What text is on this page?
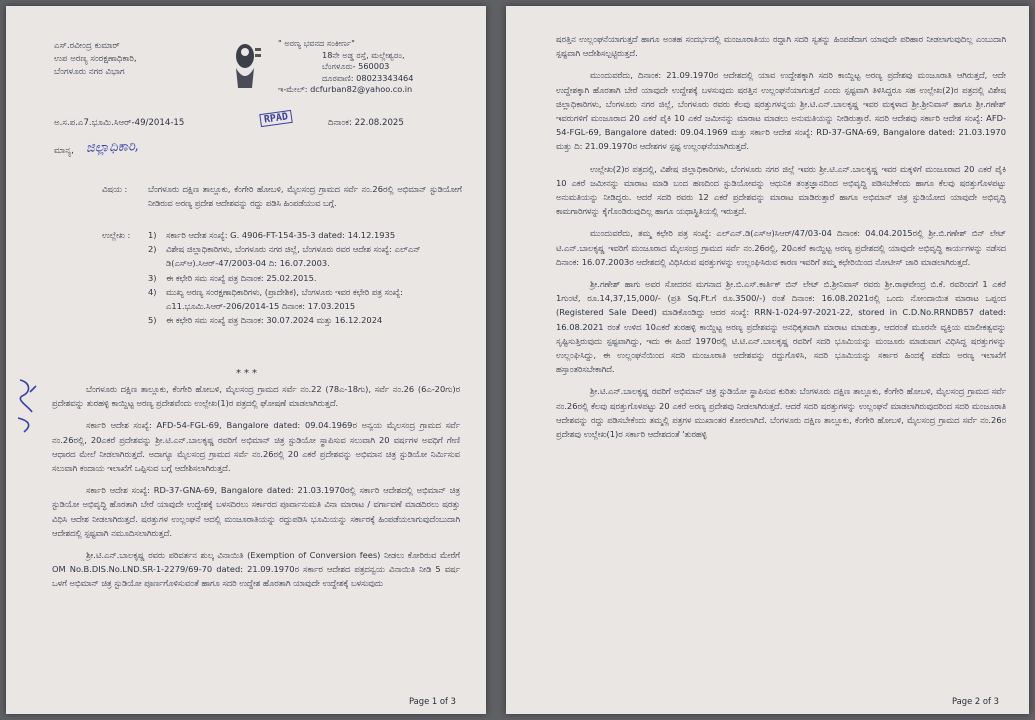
ಎಸ್.ರವೀಂದ್ರ ಕುಮಾರ್
ಉಪ ಅರಣ್ಯ ಸಂರಕ್ಷಣಾಧಿಕಾರಿ,
ಬೆಂಗಳೂರು ನಗರ ವಿಭಾಗ
" ಅರಣ್ಯ ಭವನದ ಸಂಕೀರ್ಣ"
18ನೇ ಅಡ್ಡ ರಸ್ತೆ, ಮಲ್ಲೇಶ್ವರಂ,
ಬೆಂಗಳೂರು- 560003
ದೂರವಾಣಿ: 08023343464
ಇ-ಮೇಲ್: dcfurban82@yahoo.co.in
ಅ.ಸ.ಪ.ಎ7.ಭೂಮಿ.ಸಿಆರ್-49/2014-15	RPAD	ದಿನಾಂಕ: 22.08.2025
ಮಾನ್ಯ, ಜಿಲ್ಲಾಧಿಕಾರಿ,
ವಿಷಯ : ಬೆಂಗಳೂರು ದಕ್ಷಿಣ ತಾಲ್ಲೂಕು, ಕೆಂಗೇರಿ ಹೋಬಳಿ, ಮೈಲಸಂದ್ರ ಗ್ರಾಮದ ಸರ್ವೆ ನಂ.26ರಲ್ಲಿ ಅಭಿಮಾನ್ ಸ್ಟುಡಿಯೋಗೆ ನೀಡಿರುವ ಅರಣ್ಯ ಪ್ರದೇಶ ಆದೇಶವನ್ನು ರದ್ದು ಪಡಿಸಿ ಹಿಂಪಡೆಯುವ ಬಗ್ಗೆ.
ಉಲ್ಲೇಖ : 1)	ಸರ್ಕಾರಿ ಆದೇಶ ಸಂಖ್ಯೆ: G. 4906-FT-154-35-3 dated: 14.12.1935
2)	ವಿಶೇಷ ಜಿಲ್ಲಾಧಿಕಾರಿಗಳು, ಬೆಂಗಳೂರು ನಗರ ಜಿಲ್ಲೆ, ಬೆಂಗಳೂರು ರವರ ಆದೇಶ ಸಂಖ್ಯೆ: ಎಲ್ಎನ್ ಡಿ(ಎಸ್ಆ).ಸಿಆರ್-47/2003-04 ದಿ: 16.07.2003.
3)	ಈ ಕಛೇರಿ ಸಮ ಸಂಖ್ಯೆ ಪತ್ರ ದಿನಾಂಕ: 25.02.2015.
4)	ಮುಖ್ಯ ಅರಣ್ಯ ಸಂರಕ್ಷಣಾಧಿಕಾರಿಗಳು, (ಪ್ರಾದೇಶಿಕ), ಬೆಂಗಳೂರು ಇವರ ಕಛೇರಿ ಪತ್ರ ಸಂಖ್ಯೆ: ಎ11.ಭೂಮಿ.ಸಿಆರ್-206/2014-15 ದಿನಾಂಕ: 17.03.2015
5)	ಈ ಕಛೇರಿ ಸಮ ಸಂಖ್ಯೆ ಪತ್ರ ದಿನಾಂಕ: 30.07.2024 ಮತ್ತು 16.12.2024
***

ಬೆಂಗಳೂರು ದಕ್ಷಿಣ ತಾಲ್ಲೂಕು, ಕೆಂಗೇರಿ ಹೋಬಳಿ, ಮೈಲಸಂದ್ರ ಗ್ರಾಮದ ಸರ್ವೆ ನಂ.22 (78ಎ-18ಗು), ಸರ್ವೆ ನಂ.26 (6ಎ-20ಗು)ರ ಪ್ರದೇಶವನ್ನು ತುರಹಳ್ಳಿ ಕಾಯ್ದಿಟ್ಟ ಅರಣ್ಯ ಪ್ರದೇಶವೆಂದು ಉಲ್ಲೇಖ(1)ರ ಪತ್ರದಲ್ಲಿ ಘೋಷಣೆ ಮಾಡಲಾಗಿರುತ್ತದೆ.

ಸರ್ಕಾರಿ ಆದೇಶ ಸಂಖ್ಯೆ: AFD-54-FGL-69, Bangalore dated: 09.04.1969ರ ಅನ್ವಯ ಮೈಲಸಂದ್ರ ಗ್ರಾಮದ ಸರ್ವೆ ನಂ.26ರಲ್ಲಿ, 20ಎಕರೆ ಪ್ರದೇಶವನ್ನು ಶ್ರೀ.ಟಿ.ಎನ್.ಬಾಲಕೃಷ್ಣ ರವರಿಗೆ ಅಭಿಮಾನ್ ಚಿತ್ರ ಸ್ಟುಡಿಯೋ ಸ್ಥಾಪಿಸುವ ಸಲುವಾಗಿ 20 ವರ್ಷಗಳ ಅವಧಿಗೆ ಗೇಣಿ ಆಧಾರದ ಮೇಲೆ ನೀಡಲಾಗಿರುತ್ತದೆ. ಅದಾಗ್ಯೂ ಮೈಲಸಂದ್ರ ಗ್ರಾಮದ ಸರ್ವೆ ನಂ.26ರಲ್ಲಿ 20 ಎಕರೆ ಪ್ರದೇಶವನ್ನು ಅಭಿಮಾನ ಚಿತ್ರ ಸ್ಟುಡಿಯೋ ನಿರ್ಮಿಸುವ ಸಲುವಾಗಿ ಕಂದಾಯ ಇಲಾಖೆಗೆ ಒಪ್ಪಿಸುವ ಬಗ್ಗೆ ಆದೇಶಿಸಲಾಗಿರುತ್ತದೆ.

ಸರ್ಕಾರಿ ಆದೇಶ ಸಂಖ್ಯೆ: RD-37-GNA-69, Bangalore dated: 21.03.1970ರಲ್ಲಿ ಸರ್ಕಾರಿ ಆದೇಶದಲ್ಲಿ ಅಭಿಮಾನ್ ಚಿತ್ರ ಸ್ಟುಡಿಯೋ ಅಭಿವೃದ್ಧಿ ಹೊರತಾಗಿ ಬೇರೆ ಯಾವುದೇ ಉದ್ದೇಶಕ್ಕೆ ಬಳಸದಿರಲು ಸರ್ಕಾರದ ಪೂರ್ವಾನುಮತಿ ವಿನಾ ಮಾರಾಟ / ವರ್ಗಾವಣೆ ಮಾಡದಿರಲು ಷರತ್ತು ವಿಧಿಸಿ ಆದೇಶ ನೀಡಲಾಗಿರುತ್ತದೆ. ಷರತ್ತುಗಳ ಉಲ್ಲಂಘನೆ ಆದಲ್ಲಿ ಮಂಜೂರಾತಿಯನ್ನು ರದ್ದುಪಡಿಸಿ ಭೂಮಿಯನ್ನು ಸರ್ಕಾರಕ್ಕೆ ಹಿಂಪಡೆಯಲಾಗುವುದೆಂಬುದಾಗಿ ಆದೇಶದಲ್ಲಿ ಸ್ಪಷ್ಟವಾಗಿ ನಮೂದಿಸಲಾಗಿರುತ್ತದೆ.

ಶ್ರೀ.ಟಿ.ಎನ್.ಬಾಲಕೃಷ್ಣ ರವರು ಪರಿವರ್ತನ ಶುಲ್ಕ ವಿನಾಯಿತಿ (Exemption of Conversion fees) ನೀಡಲು ಕೋರಿರುವ ಮೇರೆಗೆ OM No.B.DIS.No.LND.SR-1-2279/69-70 dated: 21.09.1970ರ ಸರ್ಕಾರ ಆದೇಶದ ಪತ್ರದನ್ವಯ ವಿನಾಯಿತಿ ನೀಡಿ 5 ವರ್ಷ ಒಳಗೆ ಅಭಿಮಾನ್ ಚಿತ್ರ ಸ್ಟುಡಿಯೋ ಪೂರ್ಣಗೊಳಿಸುವಂತೆ ಹಾಗೂ ಸದರಿ ಉದ್ದೇಶ ಹೊರತಾಗಿ ಯಾವುದೇ ಉದ್ದೇಶಕ್ಕೆ ಬಳಸುವುದು

Page 1 of 3

ಷರತ್ತಿನ ಉಲ್ಲಂಘನೆಯಾಗುತ್ತದೆ ಹಾಗೂ ಅಂತಹ ಸಂದರ್ಭದಲ್ಲಿ ಮಂಜೂರಾತಿಯು ರದ್ದಾಗಿ ಸದರಿ ಸ್ವತನ್ನು ಹಿಂಪಡೆದಾಗ ಯಾವುದೇ ಪರಿಹಾರ ನೀಡಲಾಗುವುದಿಲ್ಲ ಎಂಬುದಾಗಿ ಸ್ಪಷ್ಟವಾಗಿ ಆದೇಶಿಸಲ್ಪಟ್ಟಿರುತ್ತದೆ.

ಮುಂದುವರೆದು, ದಿನಾಂಕ: 21.09.1970ರ ಆದೇಶದಲ್ಲಿ ಯಾವ ಉದ್ದೇಶಕ್ಕಾಗಿ ಸದರಿ ಕಾಯ್ದಿಟ್ಟ ಅರಣ್ಯ ಪ್ರದೇಶವು ಮಂಜೂರಾತಿ ಆಗಿರುತ್ತದೆ, ಆದೇ ಉದ್ದೇಶಕ್ಕಾಗಿ ಹೊರತಾಗಿ ಬೇರೆ ಯಾವುದೇ ಉದ್ದೇಶಕ್ಕೆ ಬಳಸುವುದು ಷರತ್ತಿನ ಉಲ್ಲಂಘನೆಯಾಗುತ್ತದೆ ಎಂದು ಸ್ಪಷ್ಟವಾಗಿ ತಿಳಿಸಿದ್ದರೂ ಸಹ ಉಲ್ಲೇಖ(2)ರ ಪತ್ರದಲ್ಲಿ ವಿಶೇಷ ಜಿಲ್ಲಾಧಿಕಾರಿಗಳು, ಬೆಂಗಳೂರು ನಗರ ಜಿಲ್ಲೆ, ಬೆಂಗಳೂರು ರವರು ಕೆಲವು ಷರತ್ತುಗಳನ್ನಯ ಶ್ರೀ.ಟಿ.ಎನ್.ಬಾಲಕೃಷ್ಣ ಇವರ ಮಕ್ಕಳಾದ ಶ್ರೀ.ಶ್ರೀನಿವಾಸ್ ಹಾಗೂ ಶ್ರೀ.ಗಣೇಶ್ ಇವರುಗಳಿಗೆ ಮಂಜೂರಾದ 20 ಎಕರೆ ಪೈಕಿ 10 ಎಕರೆ ಜಮೀನನ್ನು ಮಾರಾಟ ಮಾಡಲು ಅನುಮತಿಯನ್ನು ನೀಡಿರುತ್ತಾರೆ. ಸದರಿ ಆದೇಶವು ಸರ್ಕಾರಿ ಆದೇಶ ಸಂಖ್ಯೆ: AFD-54-FGL-69, Bangalore dated: 09.04.1969 ಮತ್ತು ಸರ್ಕಾರಿ ಆದೇಶ ಸಂಖ್ಯೆ: RD-37-GNA-69, Bangalore dated: 21.03.1970 ಮತ್ತು ದಿ: 21.09.1970ರ ಆದೇಶಗಳ ಸ್ಪಷ್ಟ ಉಲ್ಲಂಘನೆಯಾಗಿರುತ್ತದೆ.

ಉಲ್ಲೇಖ(2)ರ ಪತ್ರದಲ್ಲಿ, ವಿಶೇಷ ಜಿಲ್ಲಾಧಿಕಾರಿಗಳು, ಬೆಂಗಳೂರು ನಗರ ಜಿಲ್ಲೆ ಇವರು ಶ್ರೀ.ಟಿ.ಎನ್.ಬಾಲಕೃಷ್ಣ ಇವರ ಮಕ್ಕಳಿಗೆ ಮಂಜೂರಾದ 20 ಎಕರೆ ಪೈಕಿ 10 ಎಕರೆ ಜಮೀನನ್ನು ಮಾರಾಟ ಮಾಡಿ ಬಂದ ಹಣದಿಂದ ಸ್ಟುಡಿಯೋವನ್ನು ಆಧುನಿಕ ತಂತ್ರಜ್ಞಾನದಿಂದ ಅಭಿವೃದ್ಧಿ ಪಡಿಸಬೇಕೆಂದು ಹಾಗೂ ಕೆಲವು ಷರತ್ತುಗೊಳಪಟ್ಟು ಅನುಮತಿಯನ್ನು ನೀಡಿದ್ದರು. ಆದರೆ ಸದರಿ ರವರು 12 ಎಕರೆ ಪ್ರದೇಶವನ್ನು ಮಾರಾಟ ಮಾಡಿರುತ್ತಾರೆ ಹಾಗೂ ಅಭಿಮಾನ್ ಚಿತ್ರ ಸ್ಟುಡಿಯೋದ ಯಾವುದೇ ಅಭಿವೃದ್ಧಿ ಕಾಮಗಾರಿಗಳನ್ನು ಕೈಗೊಂಡಿರುವುದಿಲ್ಲ ಹಾಗೂ ಯಥಾಸ್ಥಿತಿಯಲ್ಲಿ ಇರುತ್ತದೆ.

ಮುಂದುವರೆದು, ತಮ್ಮ ಕಛೇರಿ ಪತ್ರ ಸಂಖ್ಯೆ: ಎಲ್ಎನ್.ಡಿ(ಎಸ್ಆ)ಸಿಆರ್/47/03-04 ದಿನಾಂಕ: 04.04.2015ರಲ್ಲಿ ಶ್ರೀ.ಬಿ.ಗಣೇಶ್ ಬಿನ್ ಲೇಟ್ ಟಿ.ಎನ್.ಬಾಲಕೃಷ್ಣ ಇವರಿಗೆ ಮಂಜೂರಾದ ಮೈಲಸಂದ್ರ ಗ್ರಾಮದ ಸರ್ವೆ ನಂ.26ರಲ್ಲಿ, 20ಎಕರೆ ಕಾಯ್ದಿಟ್ಟ ಅರಣ್ಯ ಪ್ರದೇಶದಲ್ಲಿ ಯಾವುದೇ ಅಭಿವೃದ್ಧಿ ಕಾರ್ಯಗಳನ್ನು ನಡೆಸದ ದಿನಾಂಕ: 16.07.2003ರ ಆದೇಶದಲ್ಲಿ ವಿಧಿಸಿರುವ ಷರತ್ತುಗಳನ್ನು ಉಲ್ಲಂಘಿಸಿರುವ ಕಾರಣ ಇವರಿಗೆ ತಮ್ಮ ಕಛೇರಿಯಿಂದ ನೋಟೀಸ್ ಜಾರಿ ಮಾಡಲಾಗಿರುತ್ತದೆ.

ಶ್ರೀ.ಗಣೇಶ್ ಹಾಗು ಅವರ ಸೋದರನ ಮಗನಾದ ಶ್ರೀ.ಬಿ.ಎಸ್.ಕಾರ್ತಿಕ್ ಬಿನ್ ಲೇಟ್ ಬಿ.ಶ್ರೀನಿವಾಸ್ ರವರು ಶ್ರೀ.ರಾಘವೇಂದ್ರ ಬಿ.ಕೆ. ರವರಿಂದಗೆ 1 ಎಕರೆ 1ಗುಂಟೆ, ರೂ.14,37,15,000/- (ಪ್ರತಿ Sq.Ft.ಗೆ ರೂ.3500/-) ರಂತೆ ದಿನಾಂಕ: 16.08.2021ರಲ್ಲಿ ಒಂದು ನೋಂದಾಯಿತ ಮಾರಾಟ ಒಪ್ಪಂದ (Registered Sale Deed) ಮಾಡಿಕೊಂಡಿದ್ದು ಆದರ ಸಂಖ್ಯೆ: RRN-1-024-97-2021-22, stored in C.D.No.RRNDB57 dated: 16.08.2021 ರಂತೆ ಉಳಿದ 10ಎಕರೆ ತುರಹಳ್ಳಿ ಕಾಯ್ದಿಟ್ಟ ಅರಣ್ಯ ಪ್ರದೇಶವನ್ನು ಅನಧಿಕೃತವಾಗಿ ಮಾರಾಟ ಮಾಡುತ್ತಾ, ಆದರಂತೆ ಮೂರನೇ ವ್ಯಕ್ತಿಯ ಮಾಲೀಕತ್ವವನ್ನು ಸೃಷ್ಟಿಸುತ್ತಿರುವುದು ಸ್ಪಷ್ಟವಾಗಿದ್ದು, ಇದು ಈ ಹಿಂದೆ 1970ರಲ್ಲಿ ಟಿ.ಟಿ.ಎನ್.ಬಾಲಕೃಷ್ಣ ರವರಿಗೆ ಸದರಿ ಭೂಮಿಯನ್ನು ಮಂಜೂರು ಮಾಡುವಾಗ ವಿಧಿಸಿದ್ದ ಷರತ್ತುಗಳನ್ನು ಉಲ್ಲಂಘಿಸಿದ್ದು, ಈ ಉಲ್ಲಂಘನೆಯಿಂದ ಸದರಿ ಮಂಜೂರಾತಿ ಆದೇಶವನ್ನು ರದ್ದುಗೊಳಿಸಿ, ಸದರಿ ಭೂಮಿಯನ್ನು ಸರ್ಕಾರ ಹಿಂದಕ್ಕೆ ಪಡೆದು ಅರಣ್ಯ ಇಲಾಖೆಗೆ ಹಸ್ತಾಂತರಿಸಬೇಕಾಗಿದೆ.

ಶ್ರೀ.ಟಿ.ಎನ್.ಬಾಲಕೃಷ್ಣ ರವರಿಗೆ ಅಭಿಮಾನ್ ಚಿತ್ರ ಸ್ಟುಡಿಯೋ ಸ್ಥಾಪಿಸುವ ಕುರಿತು ಬೆಂಗಳೂರು ದಕ್ಷಿಣ ತಾಲ್ಲೂಕು, ಕೆಂಗೇರಿ ಹೋಬಳಿ, ಮೈಲಸಂದ್ರ ಗ್ರಾಮದ ಸರ್ವೆ ನಂ.26ರಲ್ಲಿ ಕೆಲವು ಷರತ್ತುಗೊಳಪಟ್ಟು 20 ಎಕರೆ ಅರಣ್ಯ ಪ್ರದೇಶವು ನೀಡಲಾಗಿರುತ್ತದೆ. ಆದರೆ ಸದರಿ ಷರತ್ತುಗಳನ್ನು ಉಲ್ಲಂಘನೆ ಮಾಡಲಾಗಿರುವುದರಿಂದ ಸದರಿ ಮಂಜೂರಾತಿ ಆದೇಶವನ್ನು ರದ್ದು ಪಡಿಸಬೇಕೆಂದು ತಮ್ಮಲ್ಲಿ ಪತ್ರಗಳ ಮುಖಾಂತರ ಕೋರಲಾಗಿದೆ. ಬೆಂಗಳೂರು ದಕ್ಷಿಣ ತಾಲ್ಲೂಕು, ಕೆಂಗೇರಿ ಹೋಬಳಿ, ಮೈಲಸಂದ್ರ ಗ್ರಾಮದ ಸರ್ವೆ ನಂ.26ರ ಪ್ರದೇಶವು ಉಲ್ಲೇಖ(1)ರ ಸರ್ಕಾರಿ ಆದೇಶದಂತೆ 'ತುರಹಳ್ಳಿ

Page 2 of 3
